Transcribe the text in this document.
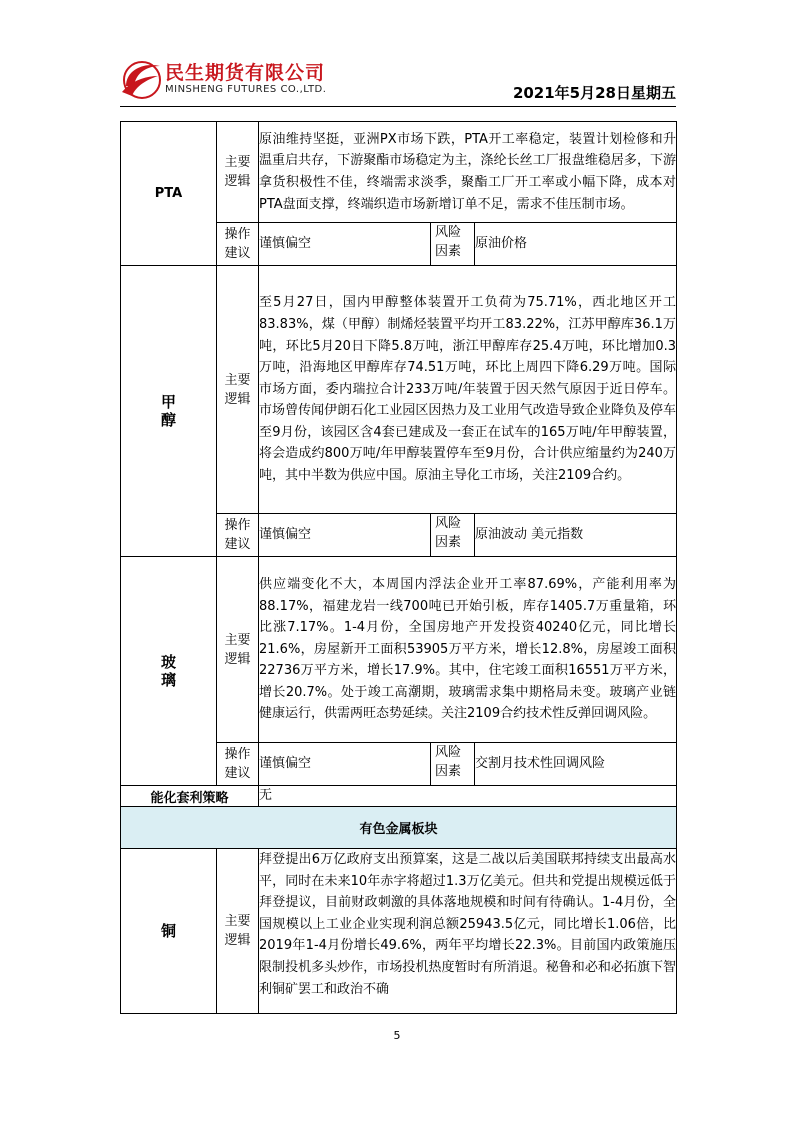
民生期货有限公司
MINSHENG FUTURES CO.,LTD.	2021年5月28日星期五
PTA	主要逻辑	原油维持坚挺，亚洲PX市场下跌，PTA开工率稳定，装置计划检修和升温重启共存，下游聚酯市场稳定为主，涤纶长丝工厂报盘维稳居多，下游拿货积极性不佳，终端需求淡季，聚酯工厂开工率或小幅下降，成本对PTA盘面支撑，终端织造市场新增订单不足，需求不佳压制市场。		
	操作建议	谨慎偏空	风险因素	原油价格
甲醇	主要逻辑	至5月27日，国内甲醇整体装置开工负荷为75.71%，西北地区开工83.83%，煤（甲醇）制烯烃装置平均开工83.22%，江苏甲醇库36.1万吨，环比5月20日下降5.8万吨，浙江甲醇库存25.4万吨，环比增加0.3万吨，沿海地区甲醇库存74.51万吨，环比上周四下降6.29万吨。国际市场方面，委内瑞拉合计233万吨/年装置于因天然气原因于近日停车。市场曾传闻伊朗石化工业园区因热力及工业用气改造导致企业降负及停车至9月份，该园区含4套已建成及一套正在试车的165万吨/年甲醇装置，将会造成约800万吨/年甲醇装置停车至9月份，合计供应缩量约为240万吨，其中半数为供应中国。原油主导化工市场，关注2109合约。		
	操作建议	谨慎偏空	风险因素	原油波动 美元指数
玻璃	主要逻辑	供应端变化不大，本周国内浮法企业开工率87.69%，产能利用率为88.17%，福建龙岩一线700吨已开始引板，库存1405.7万重量箱，环比涨7.17%。1-4月份，全国房地产开发投资40240亿元，同比增长21.6%，房屋新开工面积53905万平方米，增长12.8%，房屋竣工面积22736万平方米，增长17.9%。其中，住宅竣工面积16551万平方米，增长20.7%。处于竣工高潮期，玻璃需求集中期格局未变。玻璃产业链健康运行，供需两旺态势延续。关注2109合约技术性反弹回调风险。		
	操作建议	谨慎偏空	风险因素	交割月技术性回调风险
能化套利策略		无		
有色金属板块				
铜	主要逻辑	拜登提出6万亿政府支出预算案，这是二战以后美国联邦持续支出最高水平，同时在未来10年赤字将超过1.3万亿美元。但共和党提出规模远低于拜登提议，目前财政刺激的具体落地规模和时间有待确认。1-4月份，全国规模以上工业企业实现利润总额25943.5亿元，同比增长1.06倍，比2019年1-4月份增长49.6%，两年平均增长22.3%。目前国内政策施压限制投机多头炒作，市场投机热度暂时有所消退。秘鲁和必和必拓旗下智利铜矿罢工和政治不确		
5
